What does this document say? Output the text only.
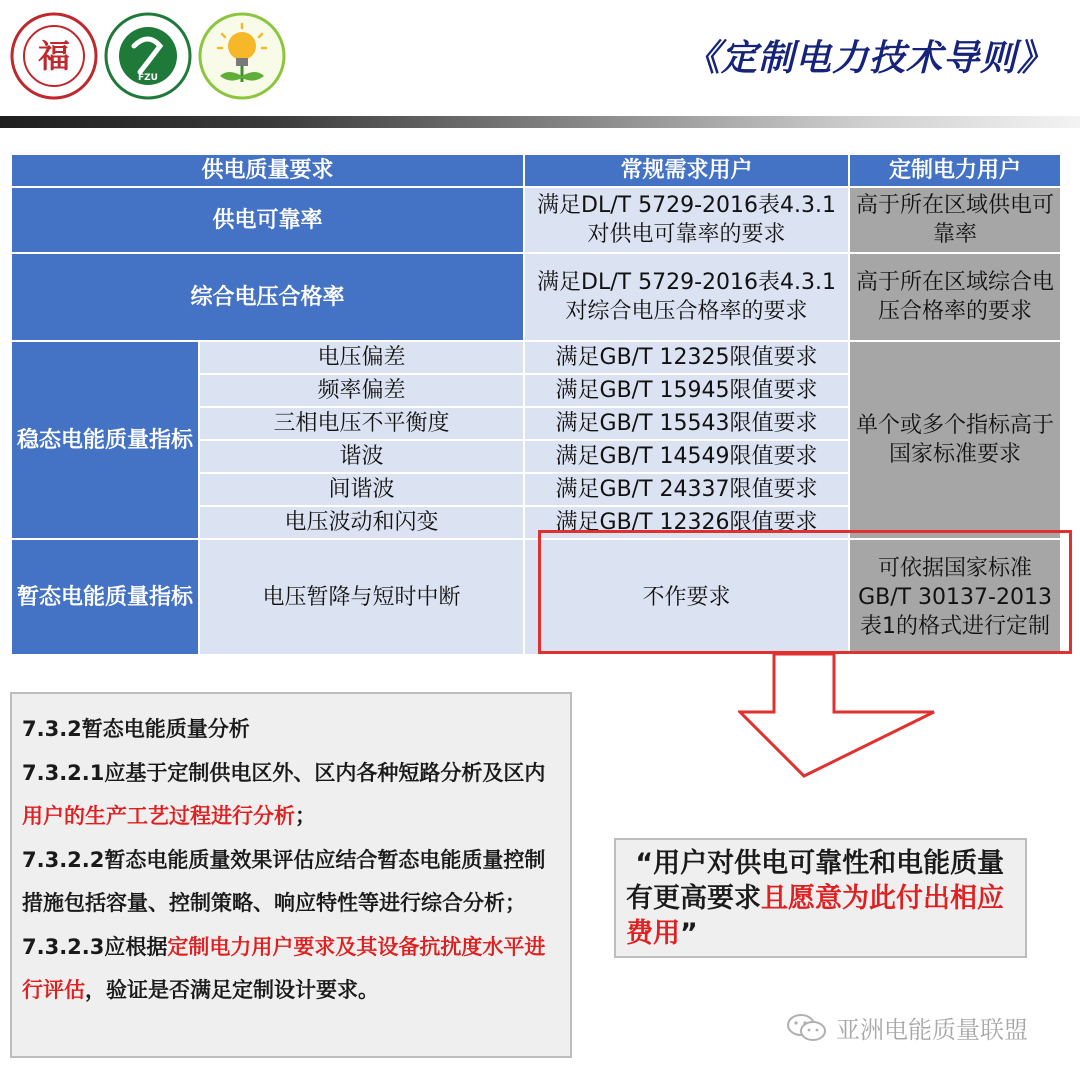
福
FZU	《定制电力技术导则》
供电质量要求		常规需求用户	定制电力用户
供电可靠率		满足DL/T 5729-2016表4.3.1对供电可靠率的要求	高于所在区域供电可靠率
综合电压合格率		满足DL/T 5729-2016表4.3.1对综合电压合格率的要求	高于所在区域综合电压合格率的要求
稳态电能质量指标	电压偏差	满足GB/T 12325限值要求	单个或多个指标高于国家标准要求
	频率偏差	满足GB/T 15945限值要求	
	三相电压不平衡度	满足GB/T 15543限值要求	
	谐波	满足GB/T 14549限值要求	
	间谐波	满足GB/T 24337限值要求	
	电压波动和闪变	满足GB/T 12326限值要求	
暂态电能质量指标	电压暂降与短时中断	不作要求	可依据国家标准GB/T 30137-2013表1的格式进行定制

7.3.2暂态电能质量分析

7.3.2.1应基于定制供电区外、区内各种短路分析及区内用户的生产工艺过程进行分析；

7.3.2.2暂态电能质量效果评估应结合暂态电能质量控制措施包括容量、控制策略、响应特性等进行综合分析；

7.3.2.3应根据定制电力用户要求及其设备抗扰度水平进行评估，验证是否满足定制设计要求。

“用户对供电可靠性和电能质量有更高要求且愿意为此付出相应费用”

亚洲电能质量联盟
